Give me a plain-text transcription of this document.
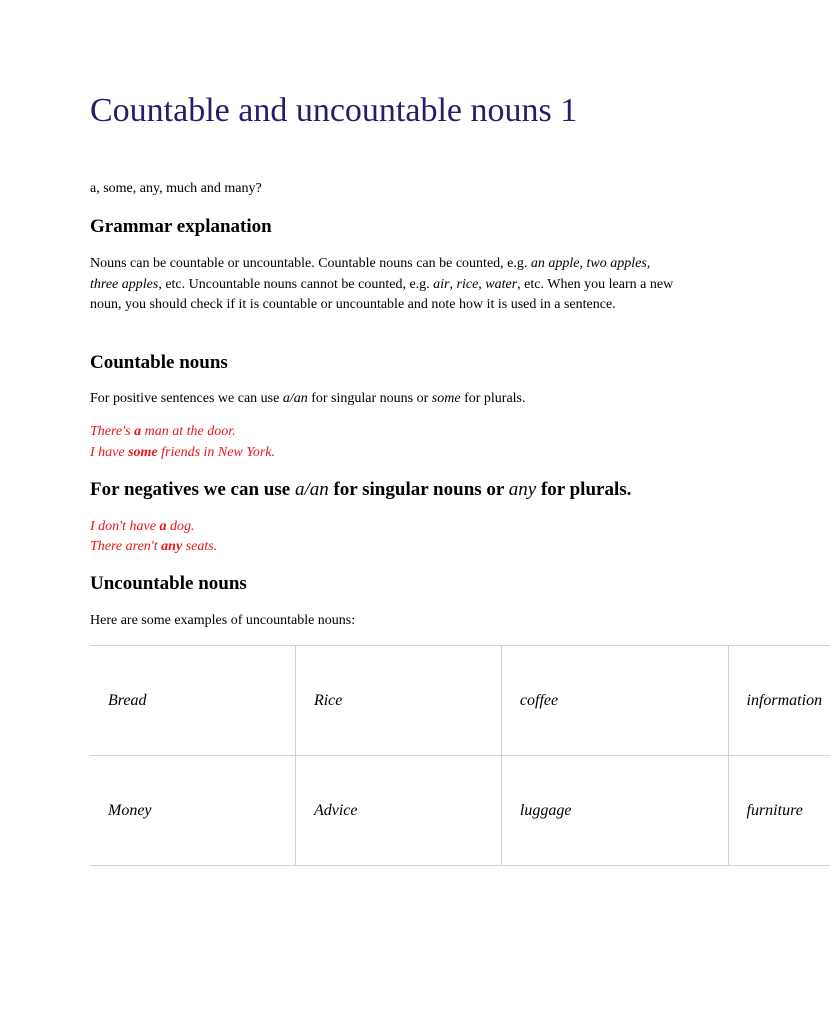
Countable and uncountable nouns 1

a, some, any, much and many?

Grammar explanation

Nouns can be countable or uncountable. Countable nouns can be counted, e.g. an apple, two apples, three apples, etc. Uncountable nouns cannot be counted, e.g. air, rice, water, etc. When you learn a new noun, you should check if it is countable or uncountable and note how it is used in a sentence.

Countable nouns

For positive sentences we can use a/an for singular nouns or some for plurals.

There's a man at the door.

I have some friends in New York.

For negatives we can use a/an for singular nouns or any for plurals.

I don't have a dog.

There aren't any seats.

Uncountable nouns

Here are some examples of uncountable nouns:

Bread	Rice	coffee	information
Money	Advice	luggage	furniture
